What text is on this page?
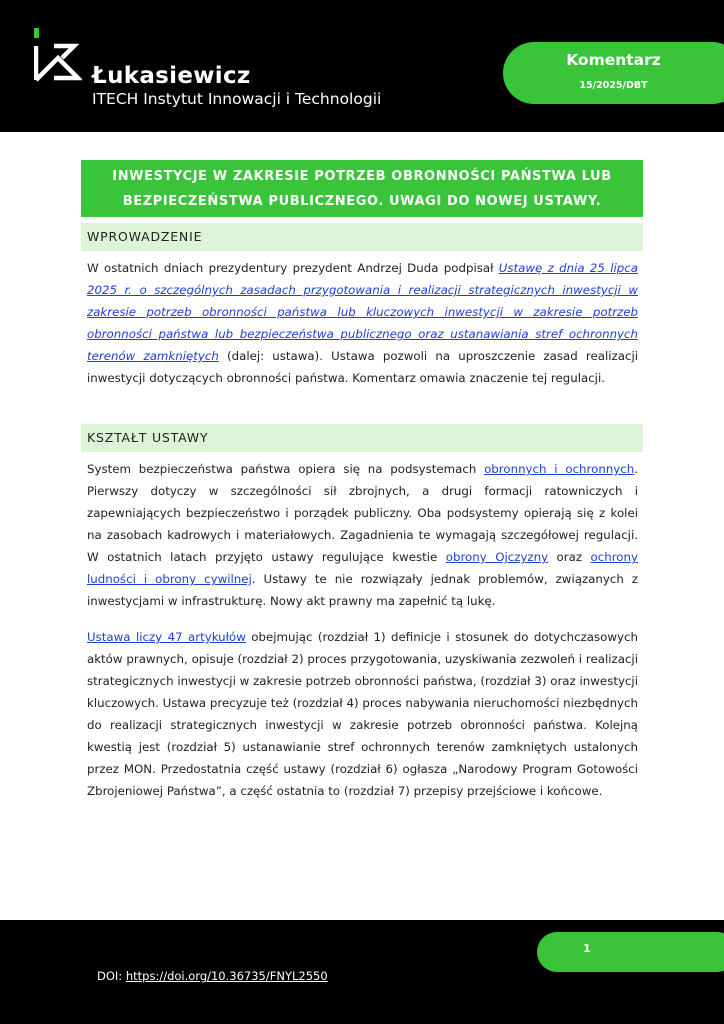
Łukasiewicz
ITECH Instytut Innowacji i Technologii
Komentarz
15/2025/DBT
INWESTYCJE W ZAKRESIE POTRZEB OBRONNOŚCI PAŃSTWA LUB BEZPIECZEŃSTWA PUBLICZNEGO. UWAGI DO NOWEJ USTAWY.
WPROWADZENIE

W ostatnich dniach prezydentury prezydent Andrzej Duda podpisał Ustawę z dnia 25 lipca 2025 r. o szczególnych zasadach przygotowania i realizacji strategicznych inwestycji w zakresie potrzeb obronności państwa lub kluczowych inwestycji w zakresie potrzeb obronności państwa lub bezpieczeństwa publicznego oraz ustanawiania stref ochronnych terenów zamkniętych (dalej: ustawa). Ustawa pozwoli na uproszczenie zasad realizacji inwestycji dotyczących obronności państwa. Komentarz omawia znaczenie tej regulacji.

KSZTAŁT USTAWY

System bezpieczeństwa państwa opiera się na podsystemach obronnych i ochronnych. Pierwszy dotyczy w szczególności sił zbrojnych, a drugi formacji ratowniczych i zapewniających bezpieczeństwo i porządek publiczny. Oba podsystemy opierają się z kolei na zasobach kadrowych i materiałowych. Zagadnienia te wymagają szczegółowej regulacji. W ostatnich latach przyjęto ustawy regulujące kwestie obrony Ojczyzny oraz ochrony ludności i obrony cywilnej. Ustawy te nie rozwiązały jednak problemów, związanych z inwestycjami w infrastrukturę. Nowy akt prawny ma zapełnić tą lukę.

Ustawa liczy 47 artykułów obejmując (rozdział 1) definicje i stosunek do dotychczasowych aktów prawnych, opisuje (rozdział 2) proces przygotowania, uzyskiwania zezwoleń i realizacji strategicznych inwestycji w zakresie potrzeb obronności państwa, (rozdział 3) oraz inwestycji kluczowych. Ustawa precyzuje też (rozdział 4) proces nabywania nieruchomości niezbędnych do realizacji strategicznych inwestycji w zakresie potrzeb obronności państwa. Kolejną kwestią jest (rozdział 5) ustanawianie stref ochronnych terenów zamkniętych ustalonych przez MON. Przedostatnia część ustawy (rozdział 6) ogłasza „Narodowy Program Gotowości Zbrojeniowej Państwa”, a część ostatnia to (rozdział 7) przepisy przejściowe i końcowe.

1
DOI: https://doi.org/10.36735/FNYL2550
